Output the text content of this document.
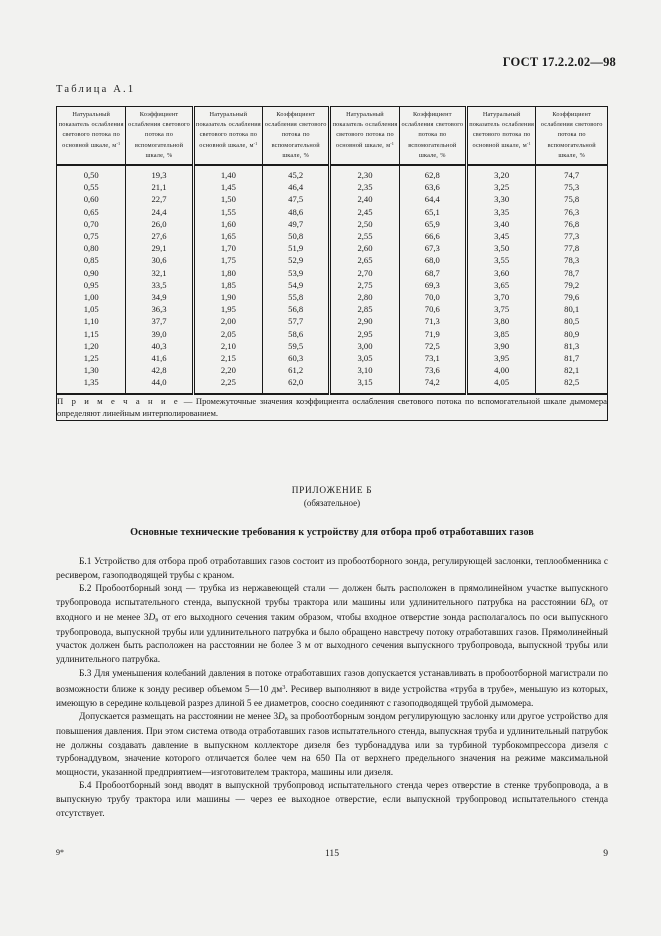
ГОСТ 17.2.2.02—98
Таблица А.1
Натуральный показатель ослабления светового потока по основной шкале, $м^{-1}$	Коэффициент ослабления светового потока по вспомогательной шкале, %	Натуральный показатель ослабления светового потока по основной шкале, $м^{-1}$	Коэффициент ослабления светового потока по вспомогательной шкале, %	Натуральный показатель ослабления светового потока по основной шкале, $м^{-1}$	Коэффициент ослабления светового потока по вспомогательной шкале, %	Натуральный показатель ослабления светового потока по основной шкале, $м^{-1}$	Коэффициент ослабления светового потока по вспомогательной шкале, %

0,50	19,3	1,40	45,2	2,30	62,8	3,20	74,7
0,55	21,1	1,45	46,4	2,35	63,6	3,25	75,3
0,60	22,7	1,50	47,5	2,40	64,4	3,30	75,8
0,65	24,4	1,55	48,6	2,45	65,1	3,35	76,3
0,70	26,0	1,60	49,7	2,50	65,9	3,40	76,8
0,75	27,6	1,65	50,8	2,55	66,6	3,45	77,3
0,80	29,1	1,70	51,9	2,60	67,3	3,50	77,8
0,85	30,6	1,75	52,9	2,65	68,0	3,55	78,3
0,90	32,1	1,80	53,9	2,70	68,7	3,60	78,7
0,95	33,5	1,85	54,9	2,75	69,3	3,65	79,2
1,00	34,9	1,90	55,8	2,80	70,0	3,70	79,6
1,05	36,3	1,95	56,8	2,85	70,6	3,75	80,1
1,10	37,7	2,00	57,7	2,90	71,3	3,80	80,5
1,15	39,0	2,05	58,6	2,95	71,9	3,85	80,9
1,20	40,3	2,10	59,5	3,00	72,5	3,90	81,3
1,25	41,6	2,15	60,3	3,05	73,1	3,95	81,7
1,30	42,8	2,20	61,2	3,10	73,6	4,00	82,1
1,35	44,0	2,25	62,0	3,15	74,2	4,05	82,5
П р и м е ч а н и е — Промежуточные значения коэффициента ослабления светового потока по вспомогательной шкале дымомера определяют линейным интерполированием.							
ПРИЛОЖЕНИЕ Б
(обязательное)
Основные технические требования к устройству для отбора проб отработавших газов

Б.1 Устройство для отбора проб отработавших газов состоит из пробоотборного зонда, регулирующей заслонки, теплообменника с ресивером, газоподводящей трубы с краном.

Б.2 Пробоотборный зонд — трубка из нержавеющей стали — должен быть расположен в прямолинейном участке выпускного трубопровода испытательного стенда, выпускной трубы трактора или машины или удлинительного патрубка на расстоянии $6D_в$ от входного и не менее $3D_в$ от его выходного сечения таким образом, чтобы входное отверстие зонда располагалось по оси выпускного трубопровода, выпускной трубы или удлинительного патрубка и было обращено навстречу потоку отработавших газов. Прямолинейный участок должен быть расположен на расстоянии не более 3 м от выходного сечения выпускного трубопровода, выпускной трубы или удлинительного патрубка.

Б.3 Для уменьшения колебаний давления в потоке отработавших газов допускается устанавливать в пробоотборной магистрали по возможности ближе к зонду ресивер объемом 5—10 $дм^3$. Ресивер выполняют в виде устройства «труба в трубе», меньшую из которых, имеющую в середине кольцевой разрез длиной 5 ее диаметров, соосно соединяют с газоподводящей трубой дымомера.

Допускается размещать на расстоянии не менее $3D_в$ за пробоотборным зондом регулирующую заслонку или другое устройство для повышения давления. При этом система отвода отработавших газов испытательного стенда, выпускная труба и удлинительный патрубок не должны создавать давление в выпускном коллекторе дизеля без турбонаддува или за турбиной турбокомпрессора дизеля с турбонаддувом, значение которого отличается более чем на 650 Па от верхнего предельного значения на режиме максимальной мощности, указанной предприятием—изготовителем трактора, машины или дизеля.

Б.4 Пробоотборный зонд вводят в выпускной трубопровод испытательного стенда через отверстие в стенке трубопровода, а в выпускную трубу трактора или машины — через ее выходное отверстие, если выпускной трубопровод испытательного стенда отсутствует.

9*	115	9
